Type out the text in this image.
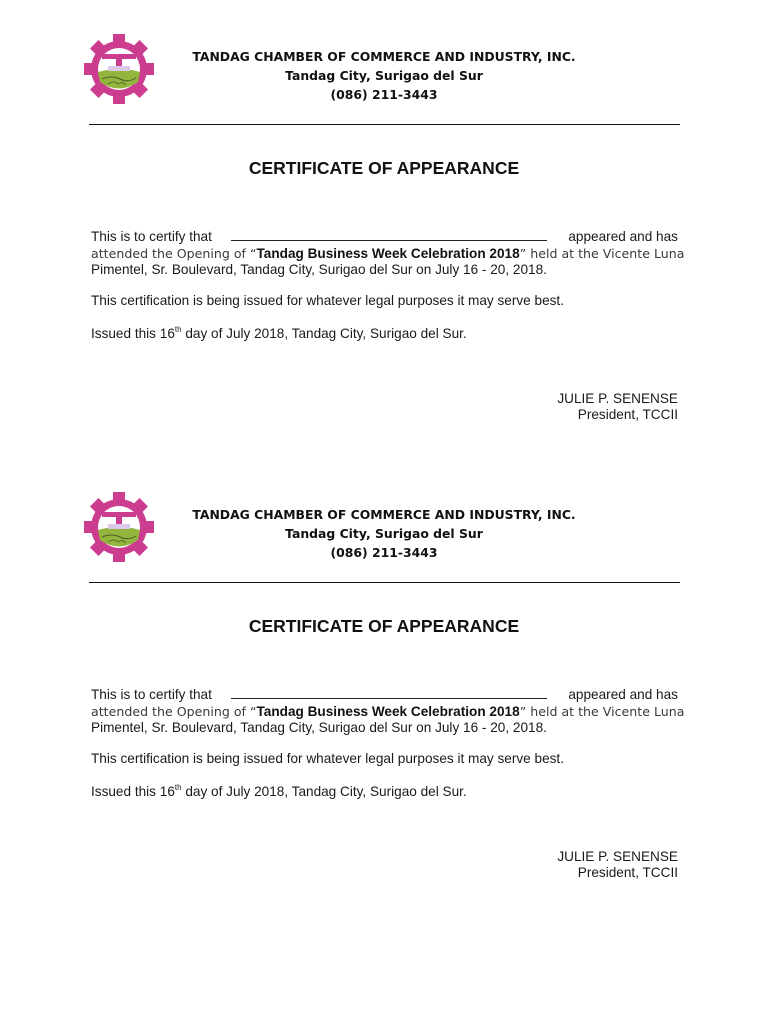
TANDAG CHAMBER OF COMMERCE AND INDUSTRY, INC.
Tandag City, Surigao del Sur
(086) 211-3443
CERTIFICATE OF APPEARANCE
This is to certify that	appeared and has
attended the Opening of “Tandag Business Week Celebration 2018” held at the Vicente Luna
Pimentel, Sr. Boulevard, Tandag City, Surigao del Sur on July 16 - 20, 2018.
This certification is being issued for whatever legal purposes it may serve best.
Issued this 16th day of July 2018, Tandag City, Surigao del Sur.
JULIE P. SENENSE
President, TCCII
TANDAG CHAMBER OF COMMERCE AND INDUSTRY, INC.
Tandag City, Surigao del Sur
(086) 211-3443
CERTIFICATE OF APPEARANCE
This is to certify that	appeared and has
attended the Opening of “Tandag Business Week Celebration 2018” held at the Vicente Luna
Pimentel, Sr. Boulevard, Tandag City, Surigao del Sur on July 16 - 20, 2018.
This certification is being issued for whatever legal purposes it may serve best.
Issued this 16th day of July 2018, Tandag City, Surigao del Sur.
JULIE P. SENENSE
President, TCCII
